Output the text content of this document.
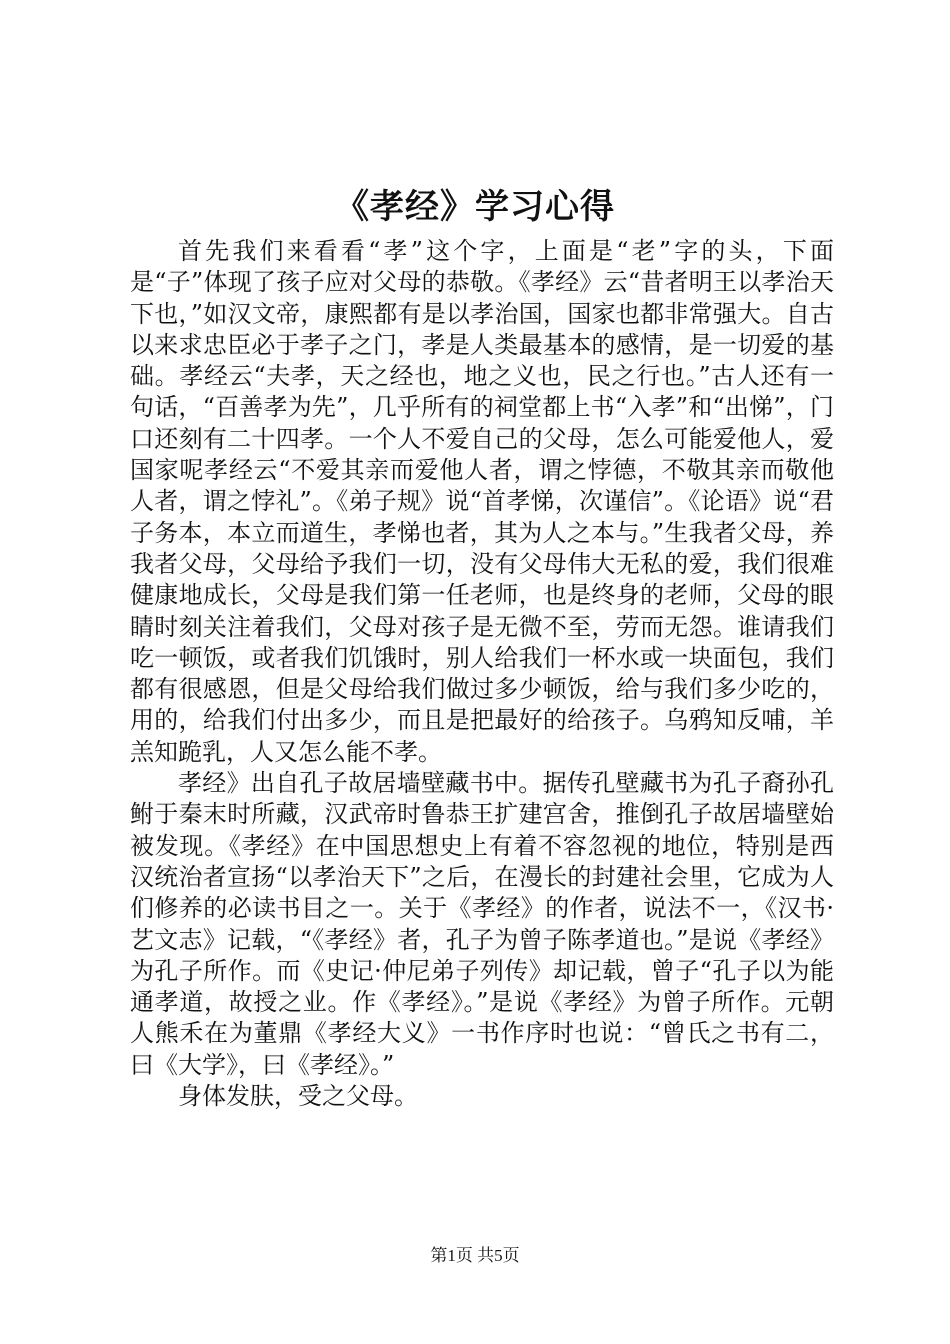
《孝经》学习心得

首先我们来看看“孝”这个字，上面是“老”字的头，下面是“子”体现了孩子应对父母的恭敬。《孝经》云“昔者明王以孝治天下也，”如汉文帝，康熙都有是以孝治国，国家也都非常强大。自古以来求忠臣必于孝子之门，孝是人类最基本的感情，是一切爱的基础。孝经云“夫孝，天之经也，地之义也，民之行也。”古人还有一句话，“百善孝为先”，几乎所有的祠堂都上书“入孝”和“出悌”，门口还刻有二十四孝。一个人不爱自己的父母，怎么可能爱他人，爱国家呢孝经云“不爱其亲而爱他人者，谓之悖德，不敬其亲而敬他人者，谓之悖礼”。《弟子规》说“首孝悌，次谨信”。《论语》说“君子务本，本立而道生，孝悌也者，其为人之本与。”生我者父母，养我者父母，父母给予我们一切，没有父母伟大无私的爱，我们很难健康地成长，父母是我们第一任老师，也是终身的老师，父母的眼睛时刻关注着我们，父母对孩子是无微不至，劳而无怨。谁请我们吃一顿饭，或者我们饥饿时，别人给我们一杯水或一块面包，我们都有很感恩，但是父母给我们做过多少顿饭，给与我们多少吃的，用的，给我们付出多少，而且是把最好的给孩子。乌鸦知反哺，羊羔知跪乳，人又怎么能不孝。

孝经》出自孔子故居墙壁藏书中。据传孔壁藏书为孔子裔孙孔鲋于秦末时所藏，汉武帝时鲁恭王扩建宫舍，推倒孔子故居墙壁始被发现。《孝经》在中国思想史上有着不容忽视的地位，特别是西汉统治者宣扬“以孝治天下”之后，在漫长的封建社会里，它成为人们修养的必读书目之一。关于《孝经》的作者，说法不一，《汉书·艺文志》记载，“《孝经》者，孔子为曾子陈孝道也。”是说《孝经》为孔子所作。而《史记·仲尼弟子列传》却记载，曾子“孔子以为能通孝道，故授之业。作《孝经》。”是说《孝经》为曾子所作。元朝人熊禾在为董鼎《孝经大义》一书作序时也说：“曾氏之书有二，曰《大学》，曰《孝经》。”

身体发肤，受之父母。

第1页 共5页
